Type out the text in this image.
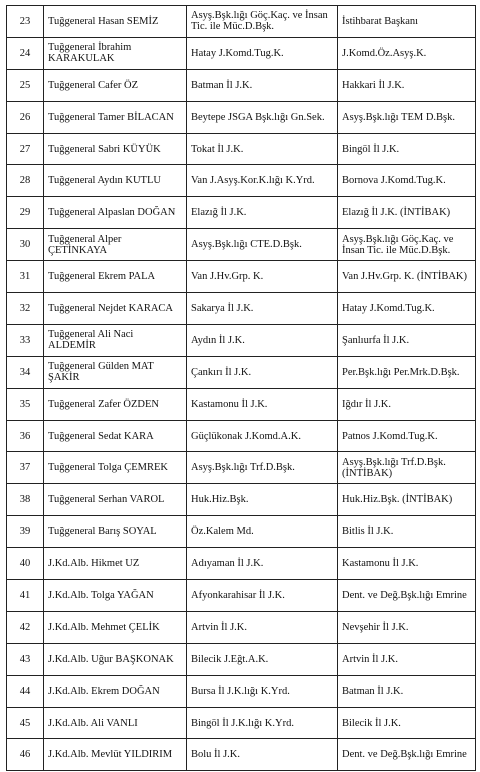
23	Tuğgeneral Hasan SEMİZ	Asyş.Bşk.lığı Göç.Kaç. ve İnsan Tic. ile Müc.D.Bşk.	İstihbarat Başkanı

24	Tuğgeneral İbrahim KARAKULAK	Hatay J.Komd.Tug.K.	J.Komd.Öz.Asyş.K.

25	Tuğgeneral Cafer ÖZ	Batman İl J.K.	Hakkari İl J.K.

26	Tuğgeneral Tamer BİLACAN	Beytepe JSGA Bşk.lığı Gn.Sek.	Asyş.Bşk.lığı TEM D.Bşk.

27	Tuğgeneral Sabri KÜYÜK	Tokat İl J.K.	Bingöl İl J.K.

28	Tuğgeneral Aydın KUTLU	Van J.Asyş.Kor.K.lığı K.Yrd.	Bornova J.Komd.Tug.K.

29	Tuğgeneral Alpaslan DOĞAN	Elazığ İl J.K.	Elazığ İl J.K. (İNTİBAK)

30	Tuğgeneral Alper ÇETİNKAYA	Asyş.Bşk.lığı CTE.D.Bşk.	Asyş.Bşk.lığı Göç.Kaç. ve İnsan Tic. ile Müc.D.Bşk.

31	Tuğgeneral Ekrem PALA	Van J.Hv.Grp. K.	Van J.Hv.Grp. K. (İNTİBAK)

32	Tuğgeneral Nejdet KARACA	Sakarya İl J.K.	Hatay J.Komd.Tug.K.

33	Tuğgeneral Ali Naci ALDEMİR	Aydın İl J.K.	Şanlıurfa İl J.K.

34	Tuğgeneral Gülden MAT ŞAKİR	Çankırı İl J.K.	Per.Bşk.lığı Per.Mrk.D.Bşk.

35	Tuğgeneral Zafer ÖZDEN	Kastamonu İl J.K.	Iğdır İl J.K.

36	Tuğgeneral Sedat KARA	Güçlükonak J.Komd.A.K.	Patnos J.Komd.Tug.K.

37	Tuğgeneral Tolga ÇEMREK	Asyş.Bşk.lığı Trf.D.Bşk.	Asyş.Bşk.lığı Trf.D.Bşk. (İNTİBAK)

38	Tuğgeneral Serhan VAROL	Huk.Hiz.Bşk.	Huk.Hiz.Bşk. (İNTİBAK)

39	Tuğgeneral Barış SOYAL	Öz.Kalem Md.	Bitlis İl J.K.

40	J.Kd.Alb. Hikmet UZ	Adıyaman İl J.K.	Kastamonu İl J.K.

41	J.Kd.Alb. Tolga YAĞAN	Afyonkarahisar İl J.K.	Dent. ve Değ.Bşk.lığı Emrine

42	J.Kd.Alb. Mehmet ÇELİK	Artvin İl J.K.	Nevşehir İl J.K.

43	J.Kd.Alb. Uğur BAŞKONAK	Bilecik J.Eğt.A.K.	Artvin İl J.K.

44	J.Kd.Alb. Ekrem DOĞAN	Bursa İl J.K.lığı K.Yrd.	Batman İl J.K.

45	J.Kd.Alb. Ali VANLI	Bingöl İl J.K.lığı K.Yrd.	Bilecik İl J.K.

46	J.Kd.Alb. Mevlüt YILDIRIM	Bolu İl J.K.	Dent. ve Değ.Bşk.lığı Emrine
